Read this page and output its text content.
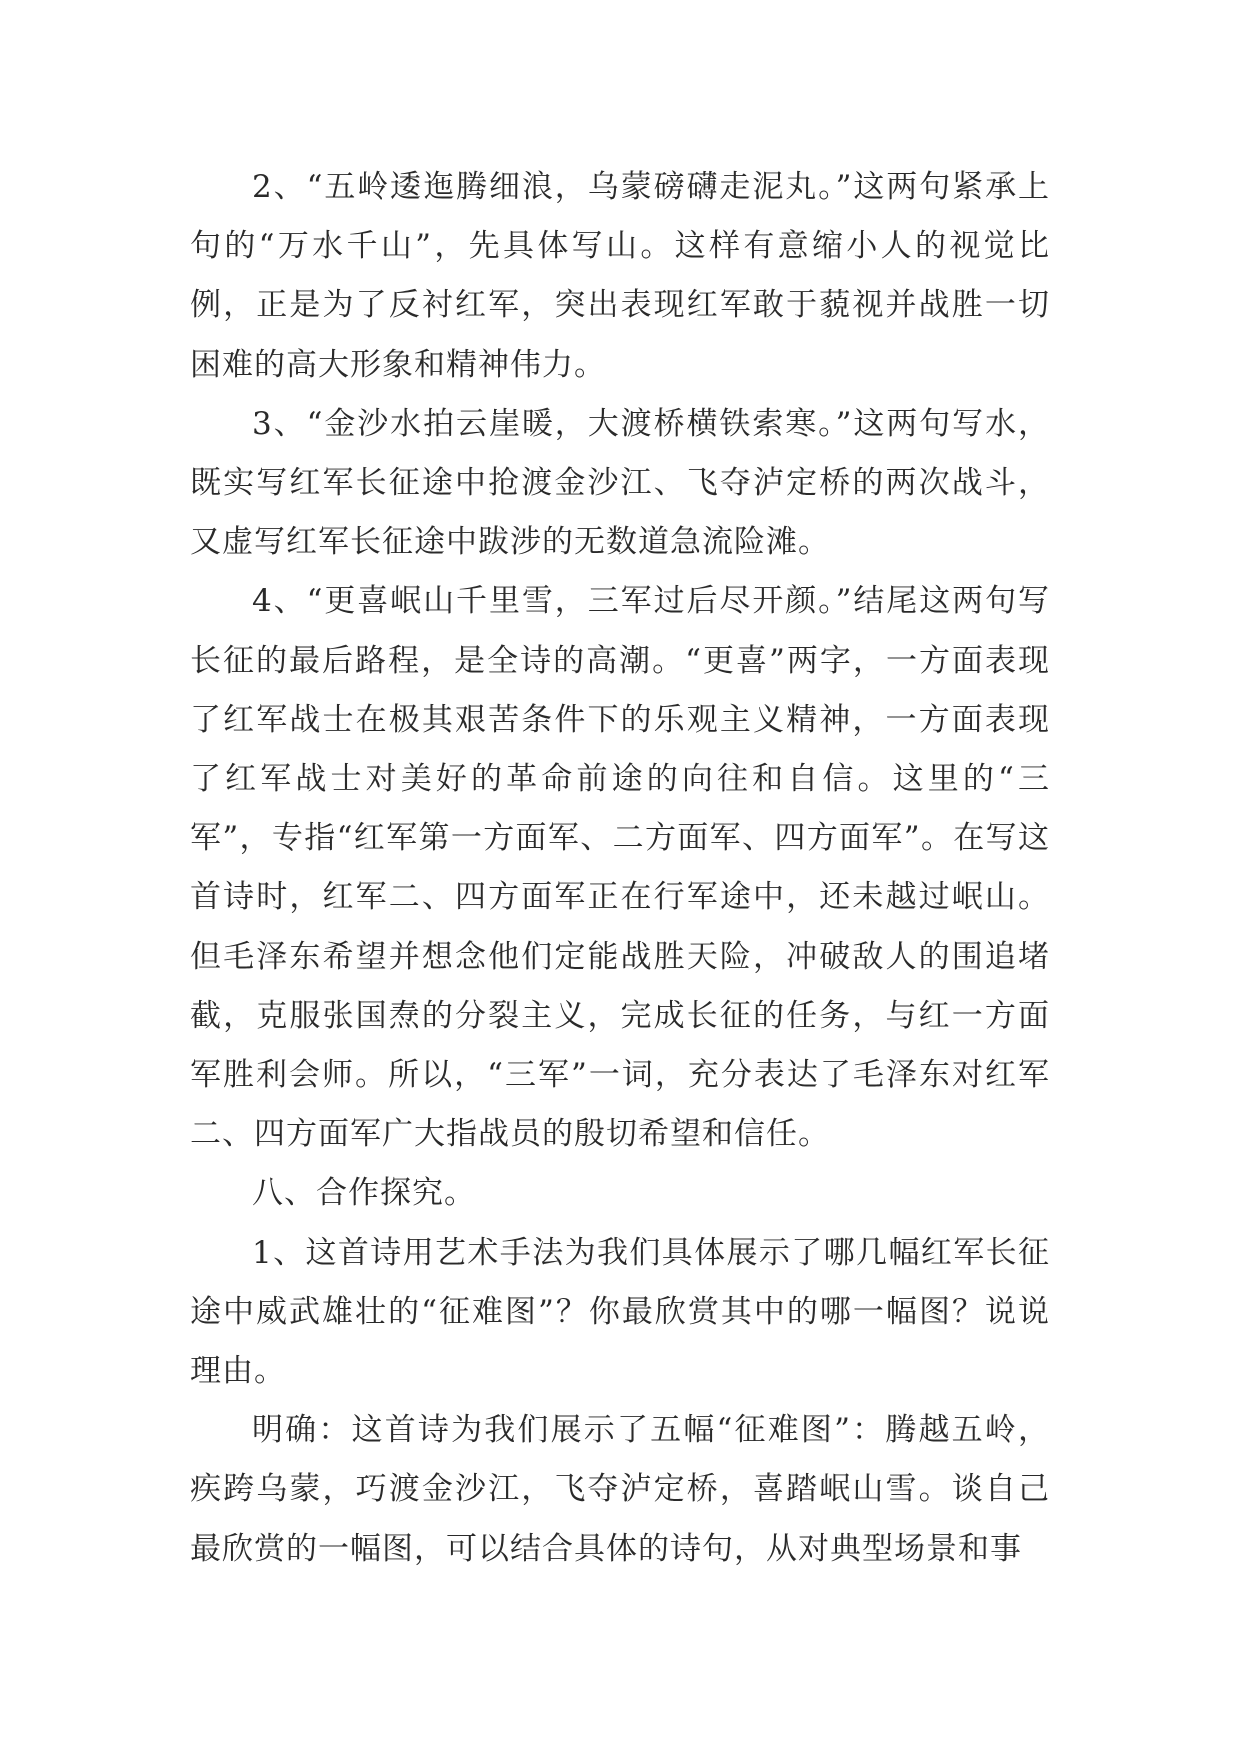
2、“五岭逶迤腾细浪，乌蒙磅礴走泥丸。”这两句紧承上句的“万水千山”，先具体写山。这样有意缩小人的视觉比例，正是为了反衬红军，突出表现红军敢于藐视并战胜一切困难的高大形象和精神伟力。

3、“金沙水拍云崖暖，大渡桥横铁索寒。”这两句写水，既实写红军长征途中抢渡金沙江、飞夺泸定桥的两次战斗，又虚写红军长征途中跋涉的无数道急流险滩。

4、“更喜岷山千里雪，三军过后尽开颜。”结尾这两句写长征的最后路程，是全诗的高潮。“更喜”两字，一方面表现了红军战士在极其艰苦条件下的乐观主义精神，一方面表现了红军战士对美好的革命前途的向往和自信。这里的“三军”，专指“红军第一方面军、二方面军、四方面军”。在写这首诗时，红军二、四方面军正在行军途中，还未越过岷山。但毛泽东希望并想念他们定能战胜天险，冲破敌人的围追堵截，克服张国焘的分裂主义，完成长征的任务，与红一方面军胜利会师。所以，“三军”一词，充分表达了毛泽东对红军二、四方面军广大指战员的殷切希望和信任。

八、合作探究。

1、这首诗用艺术手法为我们具体展示了哪几幅红军长征途中威武雄壮的“征难图”？你最欣赏其中的哪一幅图？说说理由。

明确：这首诗为我们展示了五幅“征难图”：腾越五岭，疾跨乌蒙，巧渡金沙江，飞夺泸定桥，喜踏岷山雪。谈自己最欣赏的一幅图，可以结合具体的诗句，从对典型场景和事
